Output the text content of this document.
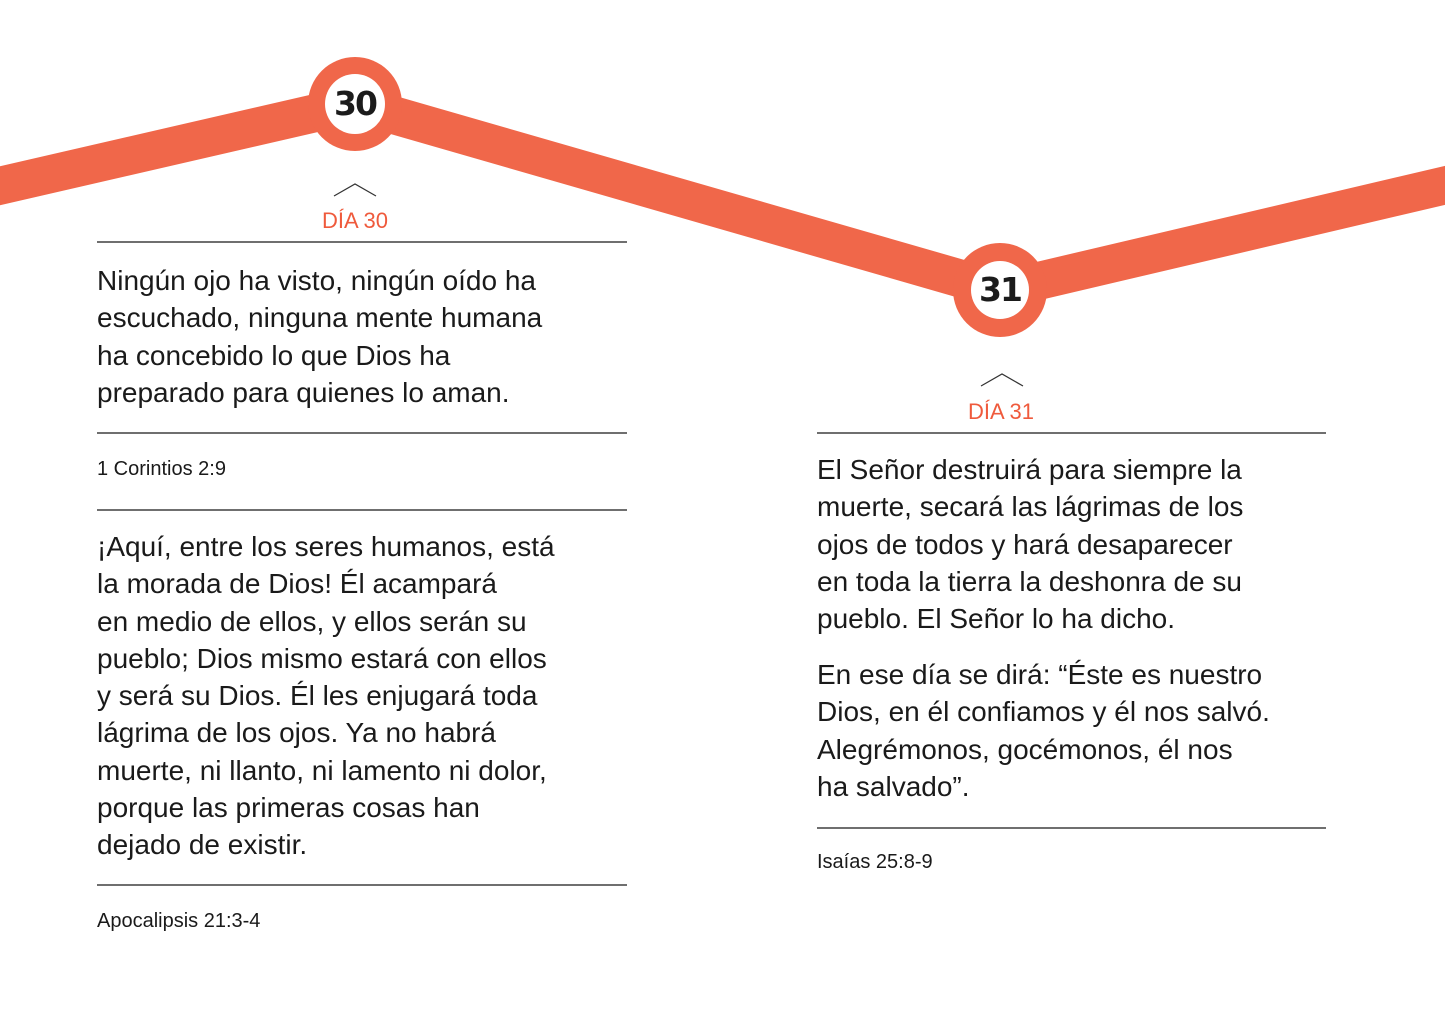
30
31
DÍA 30
Ningún ojo ha visto, ningún oído ha
escuchado, ninguna mente humana
ha concebido lo que Dios ha
preparado para quienes lo aman.
1 Corintios 2:9
¡Aquí, entre los seres humanos, está
la morada de Dios! Él acampará
en medio de ellos, y ellos serán su
pueblo; Dios mismo estará con ellos
y será su Dios. Él les enjugará toda
lágrima de los ojos. Ya no habrá
muerte, ni llanto, ni lamento ni dolor,
porque las primeras cosas han
dejado de existir.
Apocalipsis 21:3-4
DÍA 31
El Señor destruirá para siempre la
muerte, secará las lágrimas de los
ojos de todos y hará desaparecer
en toda la tierra la deshonra de su
pueblo. El Señor lo ha dicho.
En ese día se dirá: “Éste es nuestro
Dios, en él confiamos y él nos salvó.
Alegrémonos, gocémonos, él nos
ha salvado”.
Isaías 25:8-9
